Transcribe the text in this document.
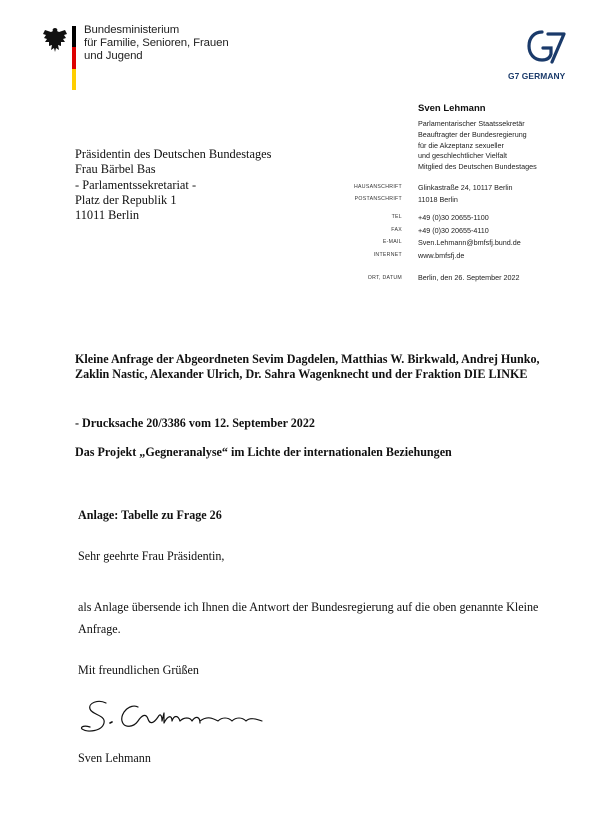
Bundesministerium
für Familie, Senioren, Frauen
und Jugend
G7 GERMANY
Sven Lehmann
Parlamentarischer Staatssekretär
Beauftragter der Bundesregierung
für die Akzeptanz sexueller
und geschlechtlicher Vielfalt
Mitglied des Deutschen Bundestages
HAUSANSCHRIFT Glinkastraße 24, 10117 Berlin
POSTANSCHRIFT 11018 Berlin
TEL +49 (0)30 20655-1100
FAX +49 (0)30 20655-4110
E-MAIL Sven.Lehmann@bmfsfj.bund.de
INTERNET www.bmfsfj.de
ORT, DATUM Berlin, den 26. September 2022
Präsidentin des Deutschen Bundestages
Frau Bärbel Bas
- Parlamentssekretariat -
Platz der Republik 1
11011 Berlin
Kleine Anfrage der Abgeordneten Sevim Dagdelen, Matthias W. Birkwald, Andrej Hunko, Zaklin Nastic, Alexander Ulrich, Dr. Sahra Wagenknecht und der Fraktion DIE LINKE
- Drucksache 20/3386 vom 12. September 2022
Das Projekt „Gegneranalyse“ im Lichte der internationalen Beziehungen
Anlage: Tabelle zu Frage 26
Sehr geehrte Frau Präsidentin,
als Anlage übersende ich Ihnen die Antwort der Bundesregierung auf die oben genannte Kleine Anfrage.
Mit freundlichen Grüßen
Sven Lehmann
